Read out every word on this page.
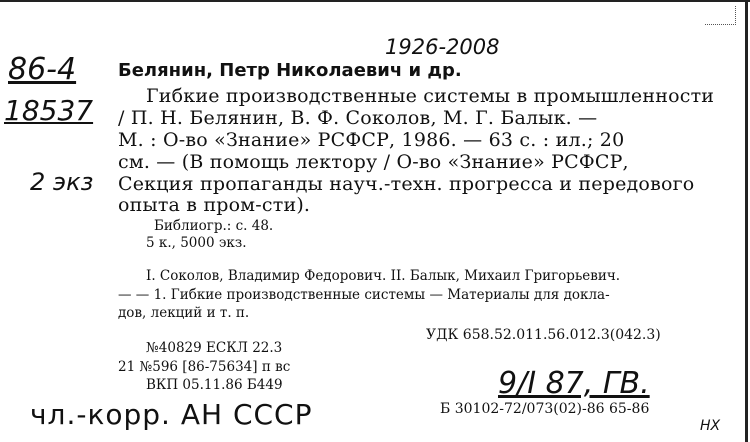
86-4
18537
2 экз
1926-2008
Белянин, Петр Николаевич и др.
Гибкие производственные системы в промышленности
/ П. Н. Белянин, В. Ф. Соколов, М. Г. Балык. —
М. : О-во «Знание» РСФСР, 1986. — 63 с. : ил.; 20
см. — (В помощь лектору / О-во «Знание» РСФСР,
Секция пропаганды науч.-техн. прогресса и передового
опыта в пром-сти).
Библиогр.: с. 48.
5 к., 5000 экз.
I. Соколов, Владимир Федорович. II. Балык, Михаил Григорьевич.
— — 1. Гибкие производственные системы — Материалы для докла-
дов, лекций и т. п.
УДК 658.52.011.56.012.3(042.3)
№40829 ЕСКЛ 22.3
21 №596 [86-75634] п вс
ВКП 05.11.86 Б449	9/I 87, ГВ.
Б 30102-72/073(02)-86 65-86
чл.-корр. АН СССР	НХ
